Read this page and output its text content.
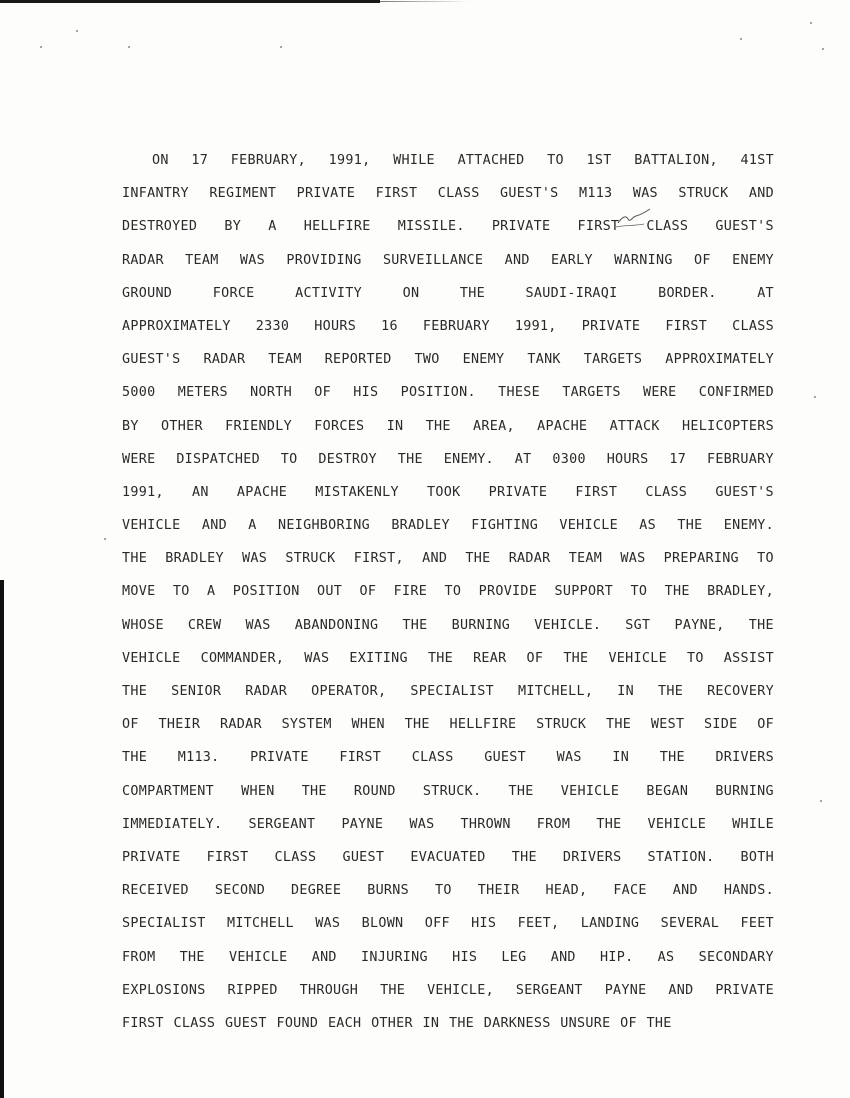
ON 17 FEBRUARY, 1991, WHILE ATTACHED TO 1ST BATTALION, 41ST
INFANTRY REGIMENT PRIVATE FIRST CLASS GUEST'S M113 WAS STRUCK AND
DESTROYED BY A HELLFIRE MISSILE. PRIVATE FIRST CLASS GUEST'S
RADAR TEAM WAS PROVIDING SURVEILLANCE AND EARLY WARNING OF ENEMY
GROUND	FORCE	ACTIVITY	ON	THE	SAUDI-IRAQI	BORDER.	AT
APPROXIMATELY 2330 HOURS 16 FEBRUARY 1991, PRIVATE FIRST CLASS
GUEST'S RADAR TEAM REPORTED TWO ENEMY TANK TARGETS APPROXIMATELY
5000 METERS NORTH OF HIS POSITION. THESE TARGETS WERE CONFIRMED
BY OTHER FRIENDLY FORCES IN THE AREA, APACHE ATTACK HELICOPTERS
WERE DISPATCHED TO DESTROY THE ENEMY. AT 0300 HOURS 17 FEBRUARY
1991, AN APACHE MISTAKENLY TOOK PRIVATE FIRST CLASS GUEST'S
VEHICLE AND A NEIGHBORING BRADLEY FIGHTING VEHICLE AS THE ENEMY.
THE BRADLEY WAS STRUCK FIRST, AND THE RADAR TEAM WAS PREPARING TO
MOVE TO A POSITION OUT OF FIRE TO PROVIDE SUPPORT TO THE BRADLEY,
WHOSE CREW WAS ABANDONING THE BURNING VEHICLE. SGT PAYNE, THE
VEHICLE COMMANDER, WAS EXITING THE REAR OF THE VEHICLE TO ASSIST
THE SENIOR RADAR OPERATOR, SPECIALIST MITCHELL, IN THE RECOVERY
OF THEIR RADAR SYSTEM WHEN THE HELLFIRE STRUCK THE WEST SIDE OF
THE M113. PRIVATE FIRST CLASS GUEST WAS IN THE DRIVERS
COMPARTMENT WHEN THE ROUND STRUCK. THE VEHICLE BEGAN BURNING
IMMEDIATELY. SERGEANT PAYNE WAS THROWN FROM THE VEHICLE WHILE
PRIVATE FIRST CLASS GUEST EVACUATED THE DRIVERS STATION. BOTH
RECEIVED SECOND DEGREE BURNS TO THEIR HEAD, FACE AND HANDS.
SPECIALIST MITCHELL WAS BLOWN OFF HIS FEET, LANDING SEVERAL FEET
FROM THE VEHICLE AND INJURING HIS LEG AND HIP. AS SECONDARY
EXPLOSIONS RIPPED THROUGH THE VEHICLE, SERGEANT PAYNE AND PRIVATE
FIRST CLASS GUEST FOUND EACH OTHER IN THE DARKNESS UNSURE OF THE
